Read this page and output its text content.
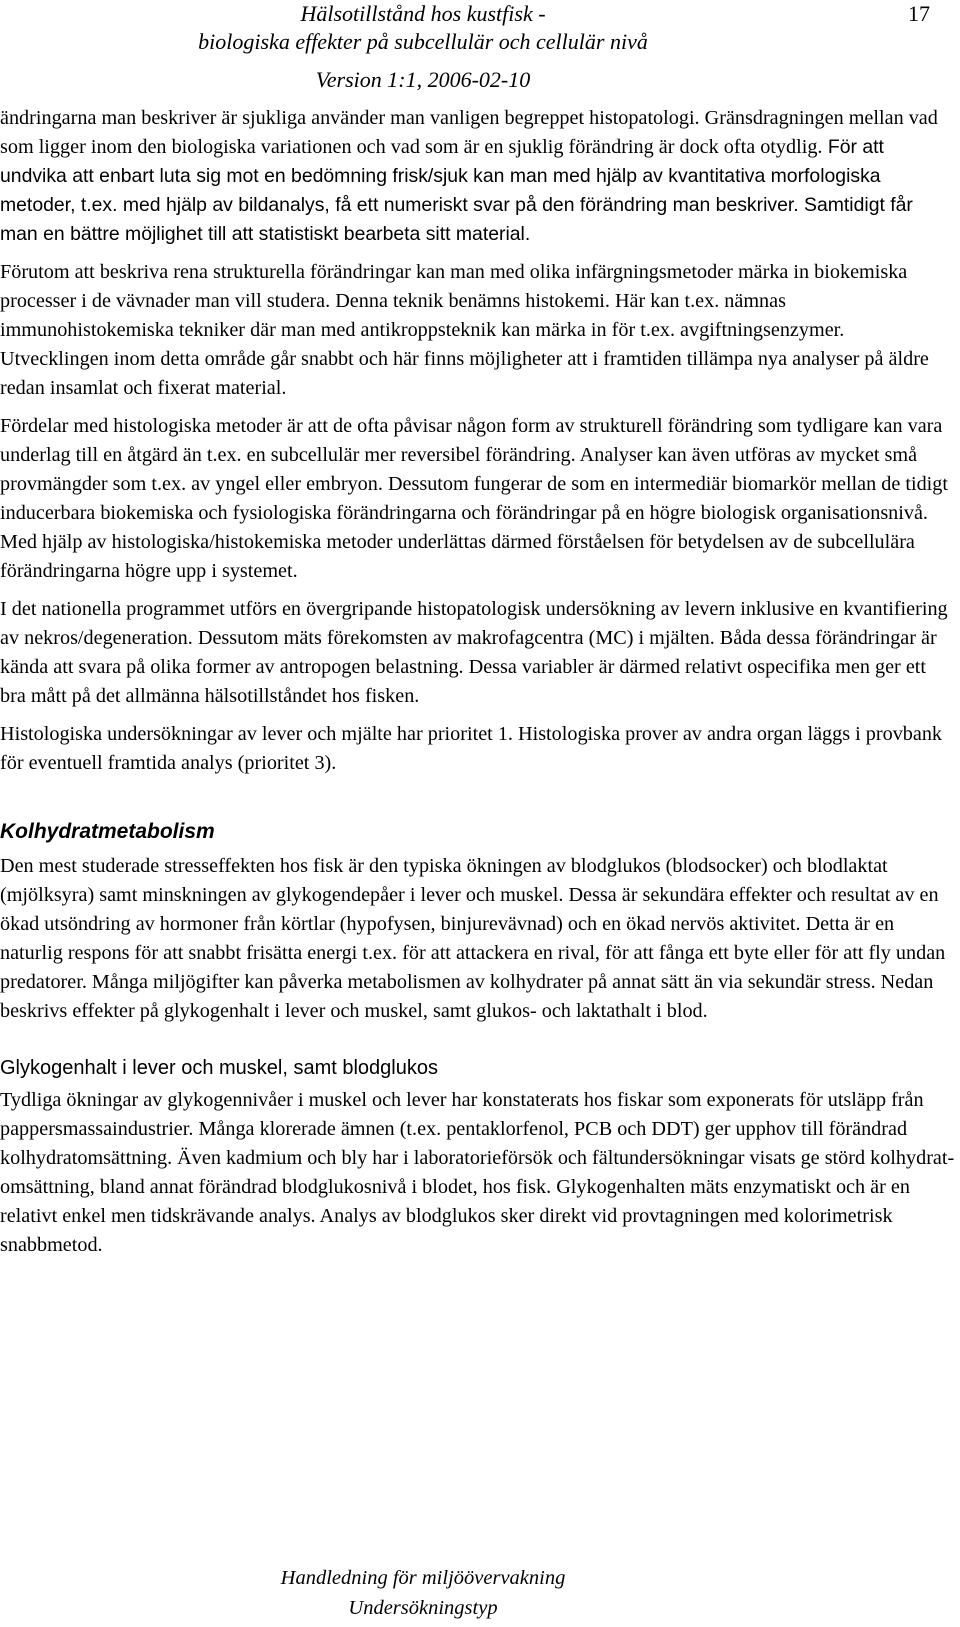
Hälsotillstånd hos kustfisk -
biologiska effekter på subcellulär och cellulär nivå
Version 1:1, 2006-02-10
17

ändringarna man beskriver är sjukliga använder man vanligen begreppet histopatologi. Gränsdragningen mellan vad som ligger inom den biologiska variationen och vad som är en sjuklig förändring är dock ofta otydlig. För att undvika att enbart luta sig mot en bedömning frisk/sjuk kan man med hjälp av kvantitativa morfologiska metoder, t.ex. med hjälp av bildanalys, få ett numeriskt svar på den förändring man beskriver. Samtidigt får man en bättre möjlighet till att statistiskt bearbeta sitt material.

Förutom att beskriva rena strukturella förändringar kan man med olika infärgningsmetoder märka in biokemiska processer i de vävnader man vill studera. Denna teknik benämns histokemi. Här kan t.ex. nämnas immunohistokemiska tekniker där man med antikroppsteknik kan märka in för t.ex. avgiftningsenzymer. Utvecklingen inom detta område går snabbt och här finns möjligheter att i framtiden tillämpa nya analyser på äldre redan insamlat och fixerat material.

Fördelar med histologiska metoder är att de ofta påvisar någon form av strukturell förändring som tydligare kan vara underlag till en åtgärd än t.ex. en subcellulär mer reversibel förändring. Analyser kan även utföras av mycket små provmängder som t.ex. av yngel eller embryon. Dessutom fungerar de som en intermediär biomarkör mellan de tidigt inducerbara biokemiska och fysiologiska förändringarna och förändringar på en högre biologisk organisationsnivå. Med hjälp av histologiska/histokemiska metoder underlättas därmed förståelsen för betydelsen av de subcellulära förändringarna högre upp i systemet.

I det nationella programmet utförs en övergripande histopatologisk undersökning av levern inklusive en kvantifiering av nekros/degeneration. Dessutom mäts förekomsten av makrofagcentra (MC) i mjälten. Båda dessa förändringar är kända att svara på olika former av antropogen belastning. Dessa variabler är därmed relativt ospecifika men ger ett bra mått på det allmänna hälsotillståndet hos fisken.

Histologiska undersökningar av lever och mjälte har prioritet 1. Histologiska prover av andra organ läggs i provbank för eventuell framtida analys (prioritet 3).

Kolhydratmetabolism

Den mest studerade stresseffekten hos fisk är den typiska ökningen av blodglukos (blodsocker) och blodlaktat (mjölksyra) samt minskningen av glykogendepåer i lever och muskel. Dessa är sekundära effekter och resultat av en ökad utsöndring av hormoner från körtlar (hypofysen, binjurevävnad) och en ökad nervös aktivitet. Detta är en naturlig respons för att snabbt frisätta energi t.ex. för att attackera en rival, för att fånga ett byte eller för att fly undan predatorer. Många miljögifter kan påverka metabolismen av kolhydrater på annat sätt än via sekundär stress. Nedan beskrivs effekter på glykogenhalt i lever och muskel, samt glukos- och laktathalt i blod.

Glykogenhalt i lever och muskel, samt blodglukos

Tydliga ökningar av glykogennivåer i muskel och lever har konstaterats hos fiskar som exponerats för utsläpp från pappersmassaindustrier. Många klorerade ämnen (t.ex. pentaklorfenol, PCB och DDT) ger upphov till förändrad kolhydratomsättning. Även kadmium och bly har i laboratorieförsök och fältundersökningar visats ge störd kolhydrat-omsättning, bland annat förändrad blodglukosnivå i blodet, hos fisk. Glykogenhalten mäts enzymatiskt och är en relativt enkel men tidskrävande analys. Analys av blodglukos sker direkt vid provtagningen med kolorimetrisk snabbmetod.

Handledning för miljöövervakning
Undersökningstyp
